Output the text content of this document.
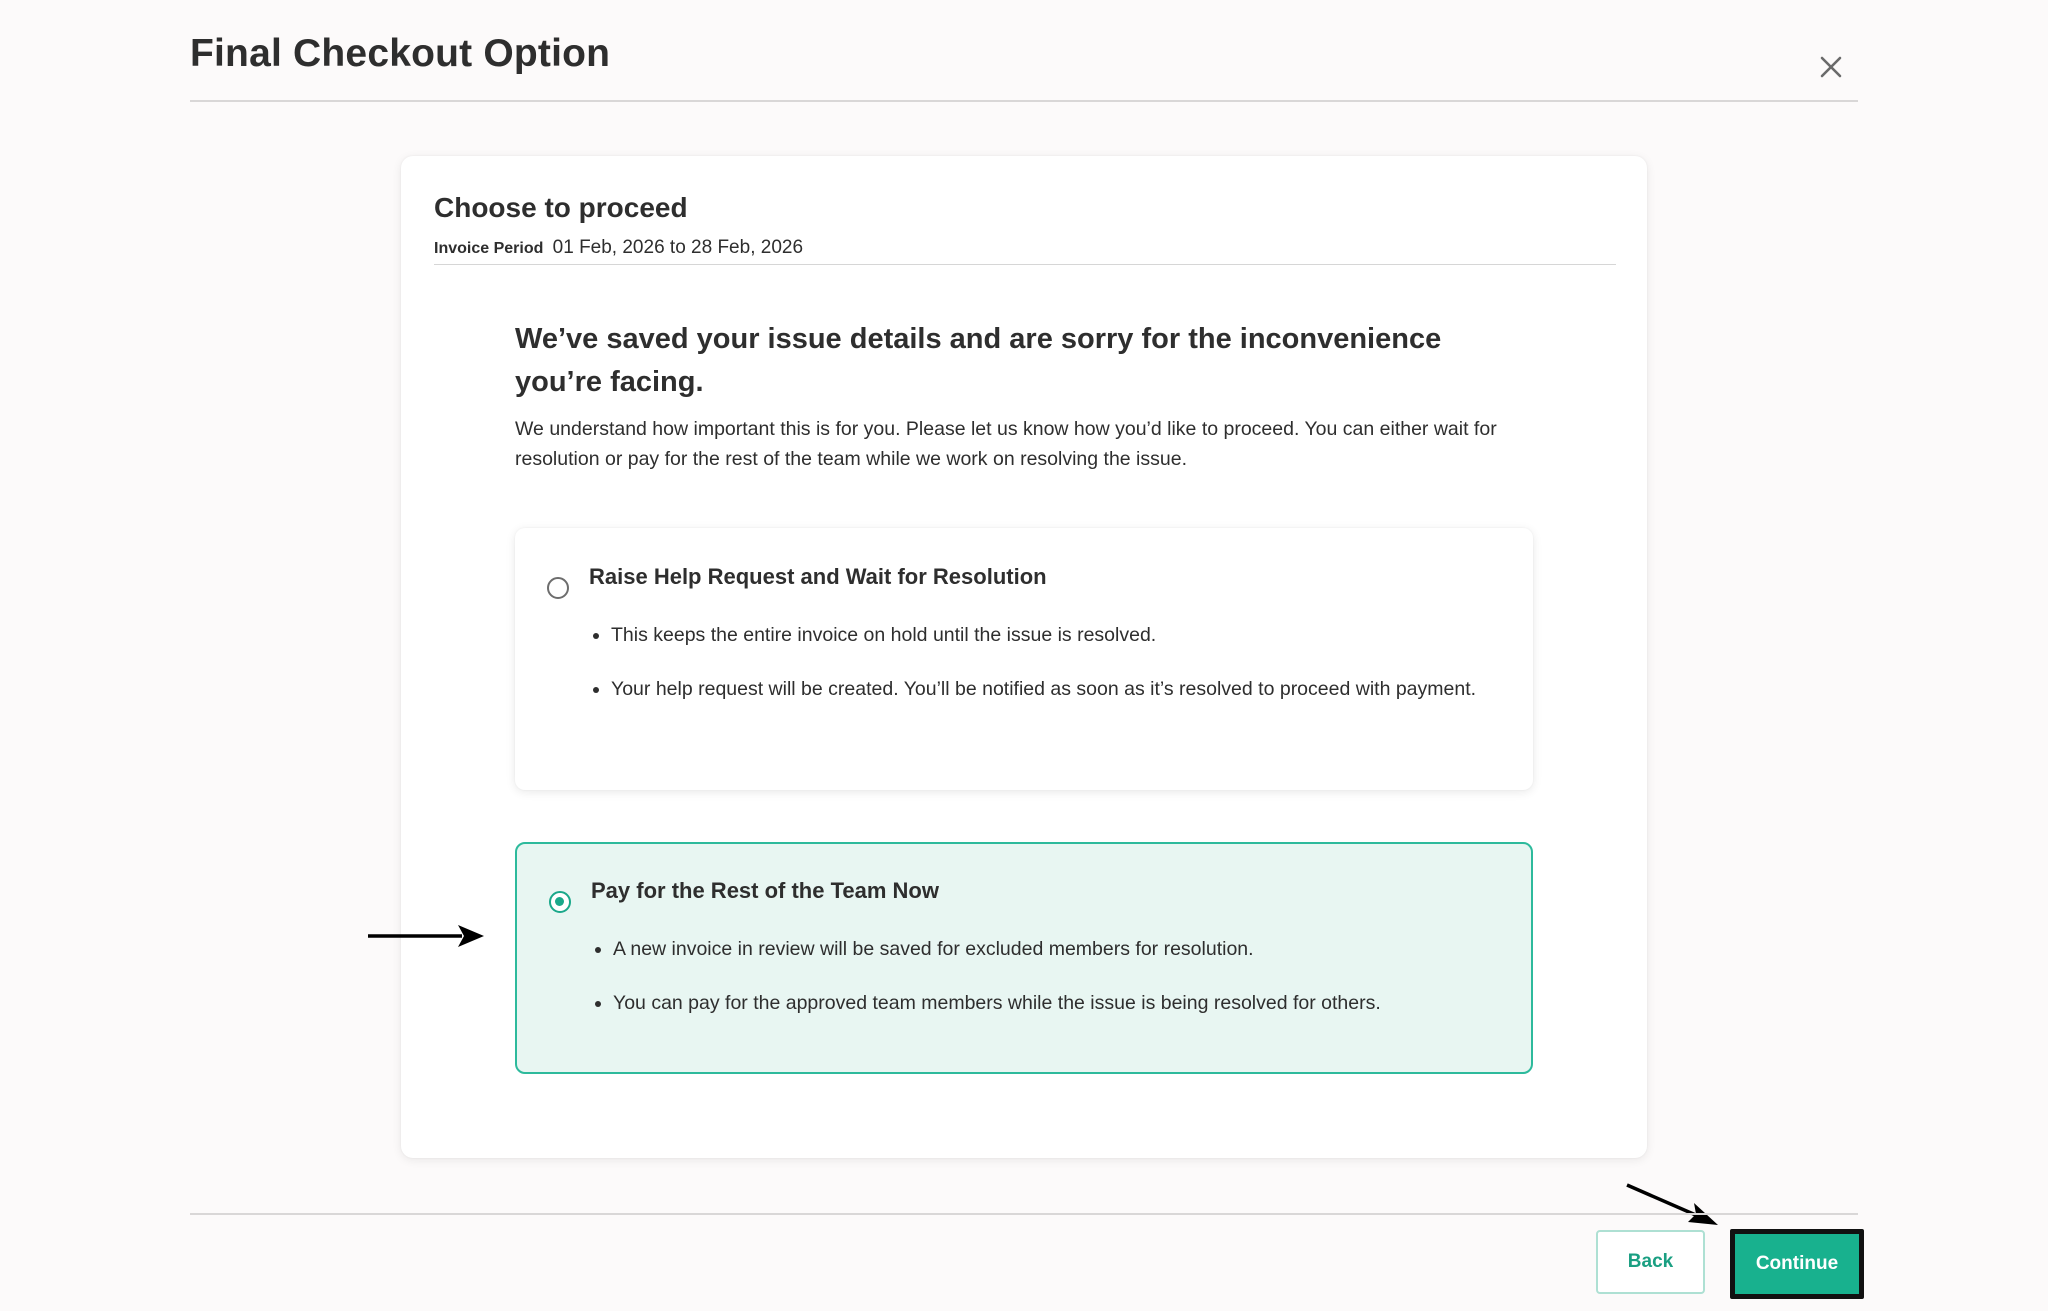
Final Checkout Option
Choose to proceed
Invoice Period 01 Feb, 2026 to 28 Feb, 2026
We’ve saved your issue details and are sorry for the inconvenience you’re facing.
We understand how important this is for you. Please let us know how you’d like to proceed. You can either wait for resolution or pay for the rest of the team while we work on resolving the issue.
Raise Help Request and Wait for Resolution
• This keeps the entire invoice on hold until the issue is resolved.
• Your help request will be created. You’ll be notified as soon as it’s resolved to proceed with payment.
Pay for the Rest of the Team Now
• A new invoice in review will be saved for excluded members for resolution.
• You can pay for the approved team members while the issue is being resolved for others.
Back	Continue
